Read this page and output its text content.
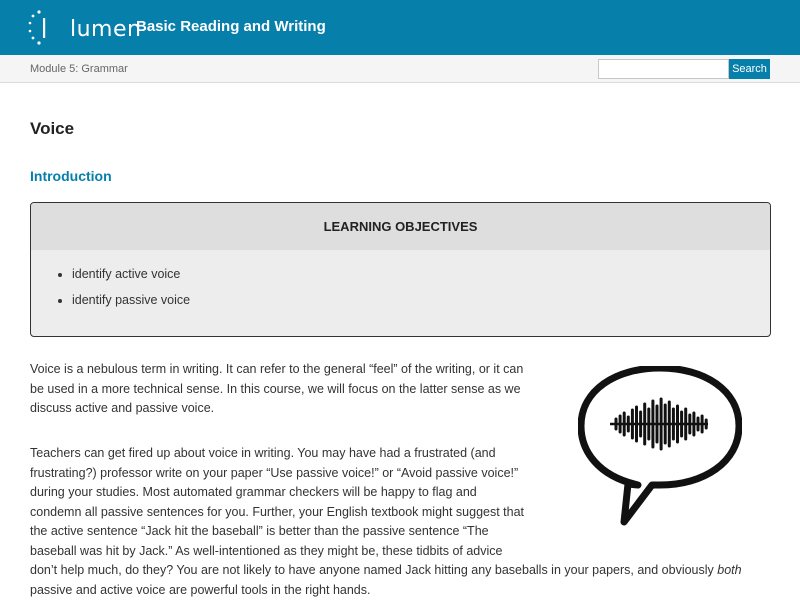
lumen
Basic Reading and Writing
Module 5: Grammar	Search
Voice
Introduction
LEARNING OBJECTIVES
• identify active voice
• identify passive voice

Voice is a nebulous term in writing. It can refer to the general “feel” of the writing, or it can be used in a more technical sense. In this course, we will focus on the latter sense as we discuss active and passive voice.

Teachers can get fired up about voice in writing. You may have had a frustrated (and frustrating?) professor write on your paper “Use passive voice!” or “Avoid passive voice!” during your studies. Most automated grammar checkers will be happy to flag and condemn all passive sentences for you. Further, your English textbook might suggest that the active sentence “Jack hit the baseball” is better than the passive sentence “The baseball was hit by Jack.” As well-intentioned as they might be, these tidbits of advice

don’t help much, do they? You are not likely to have anyone named Jack hitting any baseballs in your papers, and obviously both
passive and active voice are powerful tools in the right hands.
